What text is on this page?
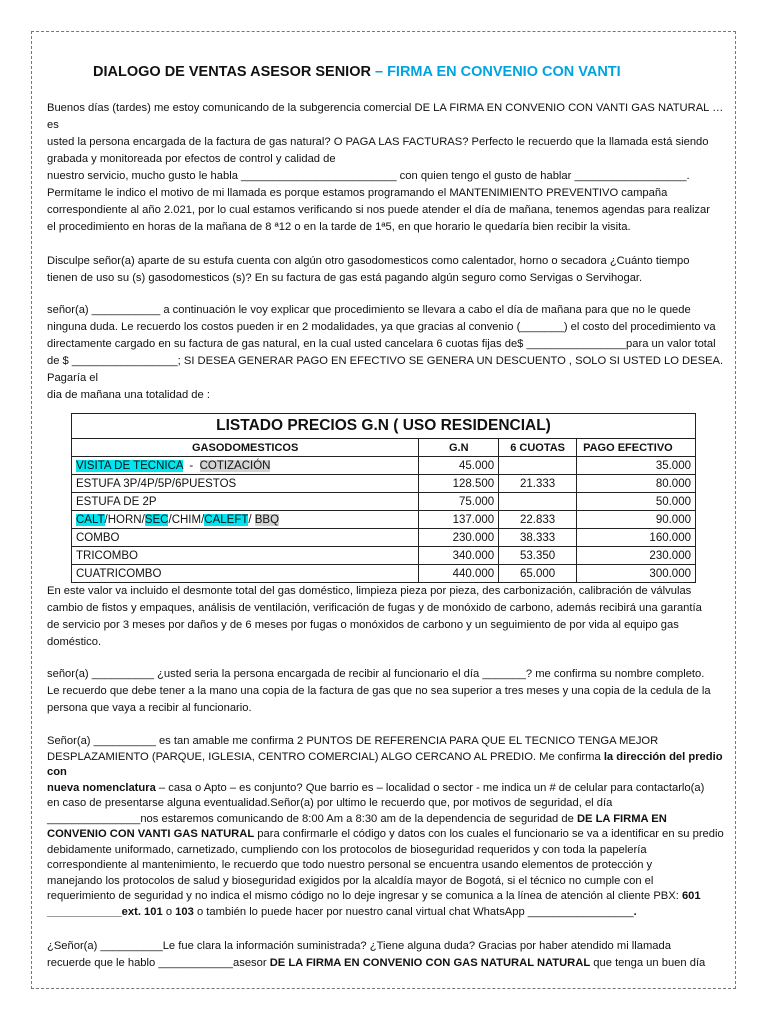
DIALOGO DE VENTAS ASESOR SENIOR – FIRMA EN CONVENIO CON VANTI
Buenos días (tardes) me estoy comunicando de la subgerencia comercial DE LA FIRMA EN CONVENIO CON VANTI GAS NATURAL … es
usted la persona encargada de la factura de gas natural? O PAGA LAS FACTURAS? Perfecto le recuerdo que la llamada está siendo
grabada y monitoreada por efectos de control y calidad de
nuestro servicio, mucho gusto le habla _________________________ con quien tengo el gusto de hablar __________________.
Permítame le indico el motivo de mi llamada es porque estamos programando el MANTENIMIENTO PREVENTIVO campaña
correspondiente al año 2.021, por lo cual estamos verificando si nos puede atender el día de mañana, tenemos agendas para realizar
el procedimiento en horas de la mañana de 8 ª12 o en la tarde de 1ª5, en que horario le quedaría bien recibir la visita.
Disculpe señor(a) aparte de su estufa cuenta con algún otro gasodomesticos como calentador, horno o secadora ¿Cuánto tiempo
tienen de uso su (s) gasodomesticos (s)? En su factura de gas está pagando algún seguro como Servigas o Servihogar.
señor(a) ___________ a continuación le voy explicar que procedimiento se llevara a cabo el día de mañana para que no le quede
ninguna duda. Le recuerdo los costos pueden ir en 2 modalidades, ya que gracias al convenio (_______) el costo del procedimiento va
directamente cargado en su factura de gas natural, en la cual usted cancelara 6 cuotas fijas de$ ________________para un valor total
de $ _________________; SI DESEA GENERAR PAGO EN EFECTIVO SE GENERA UN DESCUENTO , SOLO SI USTED LO DESEA. Pagaría el
dia de mañana una totalidad de :
LISTADO PRECIOS G.N ( USO RESIDENCIAL)			
GASODOMESTICOS	G.N	6 CUOTAS	PAGO EFECTIVO
VISITA DE TECNICA  -  COTIZACIÓN	45.000		35.000
ESTUFA 3P/4P/5P/6PUESTOS	128.500	21.333	80.000
ESTUFA DE 2P	75.000		50.000
CALT/HORN/SEC/CHIM/CALEFT/ BBQ	137.000	22.833	90.000
COMBO	230.000	38.333	160.000
TRICOMBO	340.000	53.350	230.000
CUATRICOMBO	440.000	65.000	300.000
En este valor va incluido el desmonte total del gas doméstico, limpieza pieza por pieza, des carbonización, calibración de válvulas
cambio de fistos y empaques, análisis de ventilación, verificación de fugas y de monóxido de carbono, además recibirá una garantía
de servicio por 3 meses por daños y de 6 meses por fugas o monóxidos de carbono y un seguimiento de por vida al equipo gas
doméstico.
señor(a) __________ ¿usted seria la persona encargada de recibir al funcionario el día _______? me confirma su nombre completo.
Le recuerdo que debe tener a la mano una copia de la factura de gas que no sea superior a tres meses y una copia de la cedula de la
persona que vaya a recibir al funcionario.
Señor(a) __________ es tan amable me confirma 2 PUNTOS DE REFERENCIA PARA QUE EL TECNICO TENGA MEJOR
DESPLAZAMIENTO (PARQUE, IGLESIA, CENTRO COMERCIAL) ALGO CERCANO AL PREDIO. Me confirma la dirección del predio con
nueva nomenclatura – casa o Apto – es conjunto? Que barrio es – localidad o sector - me indica un # de celular para contactarlo(a)
en caso de presentarse alguna eventualidad.Señor(a) por ultimo le recuerdo que, por motivos de seguridad, el día
_______________nos estaremos comunicando de 8:00 Am a 8:30 am de la dependencia de seguridad de DE LA FIRMA EN
CONVENIO CON VANTI GAS NATURAL para confirmarle el código y datos con los cuales el funcionario se va a identificar en su predio
debidamente uniformado, carnetizado, cumpliendo con los protocolos de bioseguridad requeridos y con toda la papelería
correspondiente al mantenimiento, le recuerdo que todo nuestro personal se encuentra usando elementos de protección y
manejando los protocolos de salud y bioseguridad exigidos por la alcaldía mayor de Bogotá, si el técnico no cumple con el
requerimiento de seguridad y no indica el mismo código no lo deje ingresar y se comunica a la línea de atención al cliente PBX: 601
____________ext. 101 o 103 o también lo puede hacer por nuestro canal virtual chat WhatsApp _________________.
¿Señor(a) __________Le fue clara la información suministrada? ¿Tiene alguna duda? Gracias por haber atendido mi llamada
recuerde que le hablo ____________asesor DE LA FIRMA EN CONVENIO CON GAS NATURAL NATURAL que tenga un buen día
